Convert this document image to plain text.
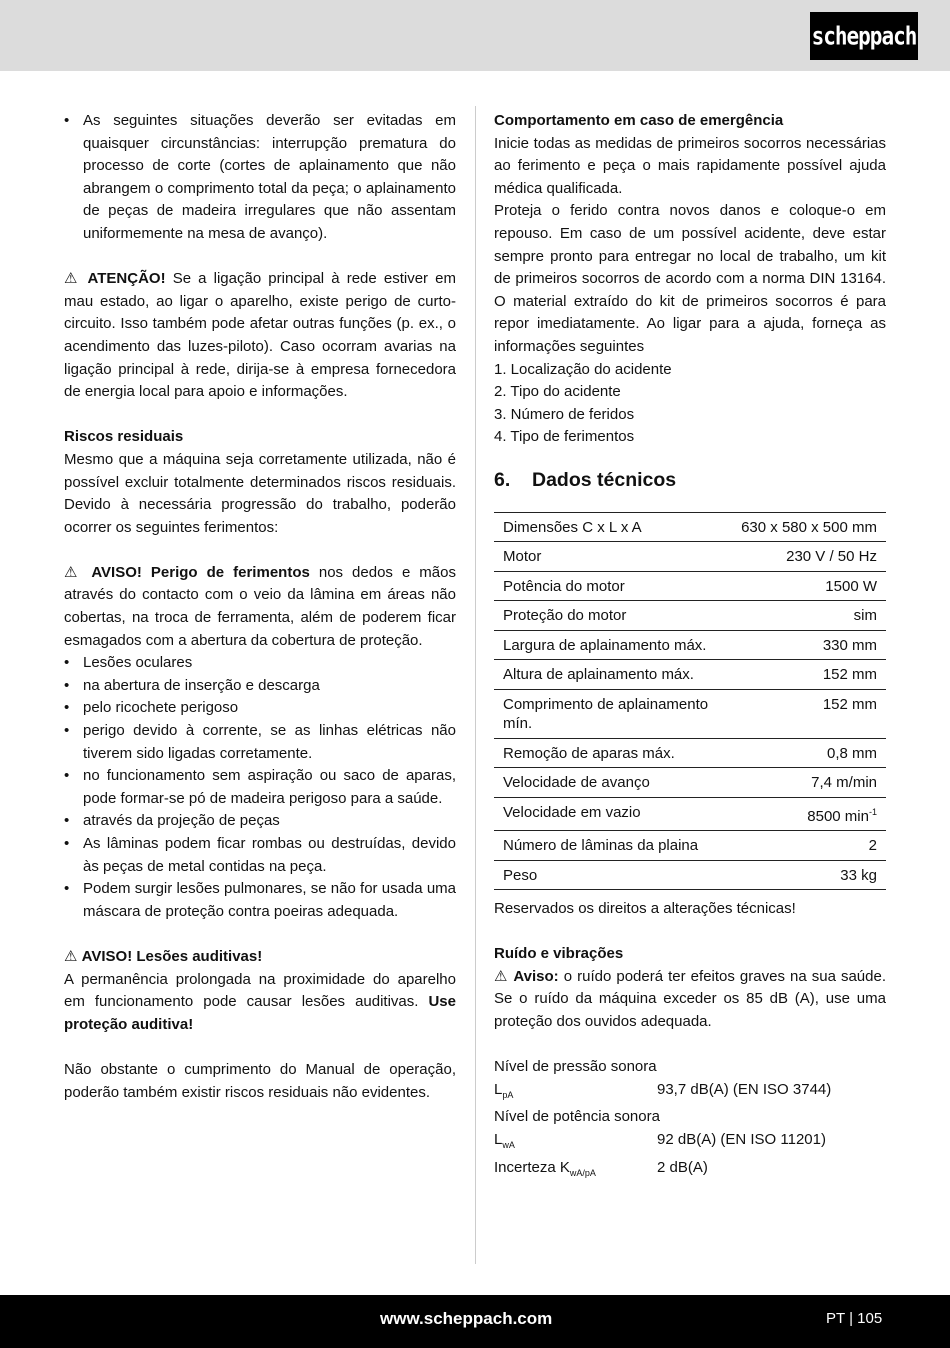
scheppach
• As seguintes situações deverão ser evitadas em quaisquer circunstâncias: interrupção prematura do processo de corte (cortes de aplainamento que não abrangem o comprimento total da peça; o aplainamento de peças de madeira irregulares que não assentam uniformemente na mesa de avanço).

⚠ ATENÇÃO! Se a ligação principal à rede estiver em mau estado, ao ligar o aparelho, existe perigo de curto-circuito. Isso também pode afetar outras funções (p. ex., o acendimento das luzes-piloto). Caso ocorram avarias na ligação principal à rede, dirija-se à empresa fornecedora de energia local para apoio e informações.

Riscos residuais

Mesmo que a máquina seja corretamente utilizada, não é possível excluir totalmente determinados riscos residuais. Devido à necessária progressão do trabalho, poderão ocorrer os seguintes ferimentos:

⚠ AVISO! Perigo de ferimentos nos dedos e mãos através do contacto com o veio da lâmina em áreas não cobertas, na troca de ferramenta, além de poderem ficar esmagados com a abertura da cobertura de proteção.

• Lesões oculares
• na abertura de inserção e descarga
• pelo ricochete perigoso
• perigo devido à corrente, se as linhas elétricas não tiverem sido ligadas corretamente.
• no funcionamento sem aspiração ou saco de aparas, pode formar-se pó de madeira perigoso para a saúde.
• através da projeção de peças
• As lâminas podem ficar rombas ou destruídas, devido às peças de metal contidas na peça.
• Podem surgir lesões pulmonares, se não for usada uma máscara de proteção contra poeiras adequada.

⚠ AVISO! Lesões auditivas!

A permanência prolongada na proximidade do aparelho em funcionamento pode causar lesões auditivas. Use proteção auditiva!

Não obstante o cumprimento do Manual de operação, poderão também existir riscos residuais não evidentes.

Comportamento em caso de emergência

Inicie todas as medidas de primeiros socorros necessárias ao ferimento e peça o mais rapidamente possível ajuda médica qualificada.

Proteja o ferido contra novos danos e coloque-o em repouso. Em caso de um possível acidente, deve estar sempre pronto para entregar no local de trabalho, um kit de primeiros socorros de acordo com a norma DIN 13164. O material extraído do kit de primeiros socorros é para repor imediatamente. Ao ligar para a ajuda, forneça as informações seguintes

1. Localização do acidente

2. Tipo do acidente

3. Número de feridos

4. Tipo de ferimentos

6.	Dados técnicos
Dimensões C x L x A	630 x 580 x 500 mm
Motor	230 V / 50 Hz
Potência do motor	1500 W
Proteção do motor	sim
Largura de aplainamento máx.	330 mm
Altura de aplainamento máx.	152 mm
Comprimento de aplainamento mín.	152 mm
Remoção de aparas máx.	0,8 mm
Velocidade de avanço	7,4 m/min
Velocidade em vazio	8500 $\min^{-1}$
Número de lâminas da plaina	2
Peso	33 kg

Reservados os direitos a alterações técnicas!

Ruído e vibrações

⚠ Aviso: o ruído poderá ter efeitos graves na sua saúde. Se o ruído da máquina exceder os 85 dB (A), use uma proteção dos ouvidos adequada.

Nível de pressão sonora

$L_{pA}$	93,7 dB(A) (EN ISO 3744)

Nível de potência sonora

$L_{wA}$	92 dB(A) (EN ISO 11201)
Incerteza $K_{wA/pA}$	2 dB(A)
www.scheppach.com	PT | 105
